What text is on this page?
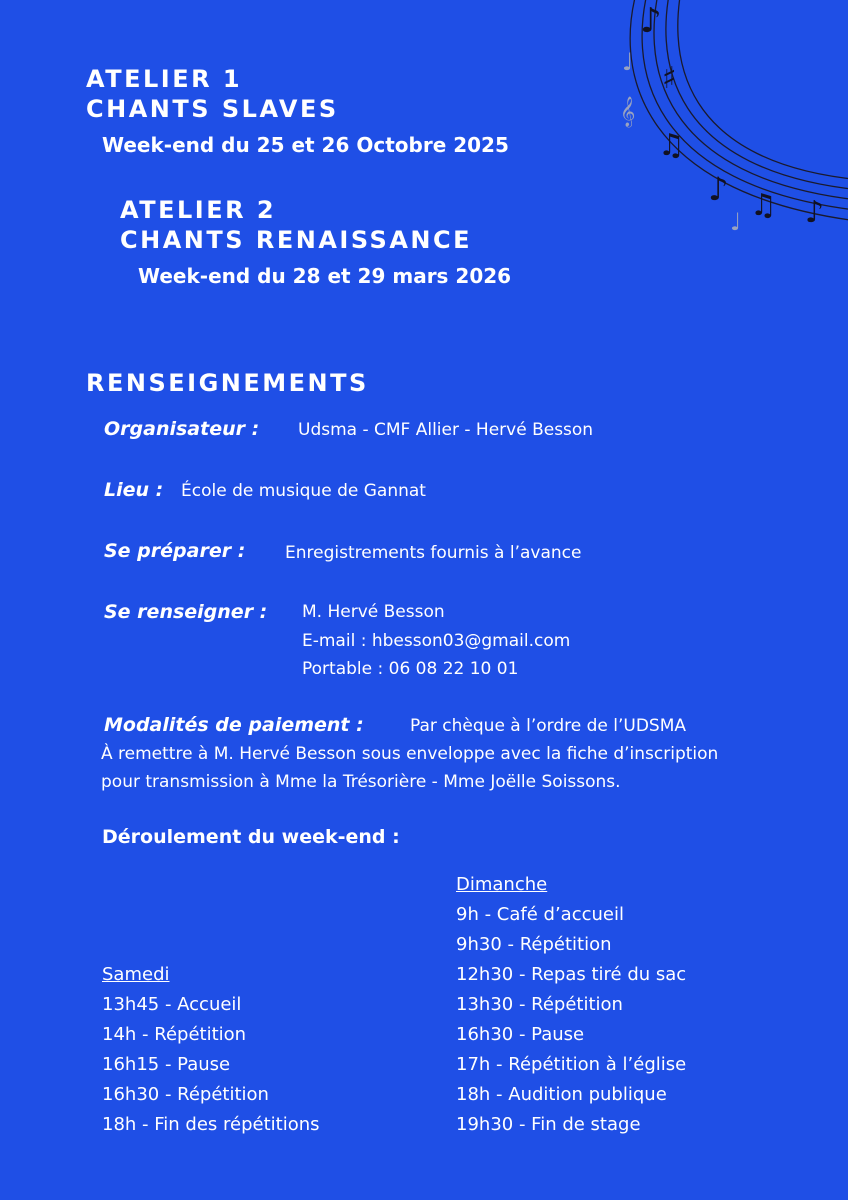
♪
♯
♫
♪ ♫ ♪
♩
𝄞
♩
ATELIER 1
CHANTS SLAVES
Week-end du 25 et 26 Octobre 2025
ATELIER 2
CHANTS RENAISSANCE
Week-end du 28 et 29 mars 2026
RENSEIGNEMENTS
Organisateur : Udsma - CMF Allier - Hervé Besson
Lieu : École de musique de Gannat
Se préparer : Enregistrements fournis à l’avance
Se renseigner : M. Hervé Besson
E-mail : hbesson03@gmail.com
Portable : 06 08 22 10 01
Modalités de paiement :	Par chèque à l’ordre de l’UDSMA
À remettre à M. Hervé Besson sous enveloppe avec la fiche d’inscription
pour transmission à Mme la Trésorière - Mme Joëlle Soissons.
Déroulement du week-end :
Dimanche
9h - Café d’accueil
9h30 - Répétition
12h30 - Repas tiré du sac
13h30 - Répétition
16h30 - Pause
17h - Répétition à l’église
18h - Audition publique
19h30 - Fin de stage
Samedi
13h45 - Accueil
14h - Répétition
16h15 - Pause
16h30 - Répétition
18h - Fin des répétitions
